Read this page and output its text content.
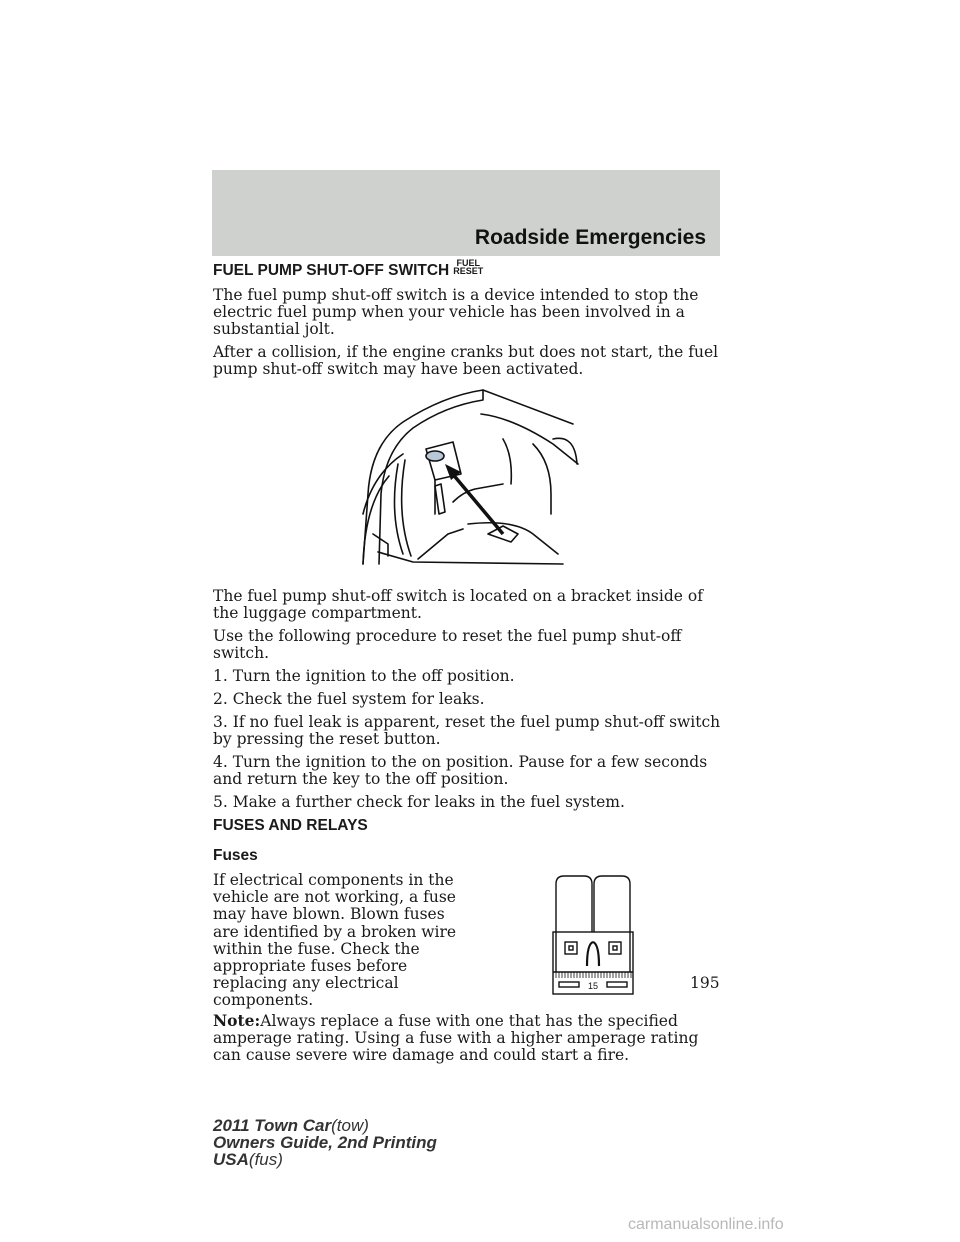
Roadside Emergencies
FUEL PUMP SHUT-OFF SWITCH FUEL
RESET

The fuel pump shut-off switch is a device intended to stop the electric fuel pump when your vehicle has been involved in a substantial jolt.

After a collision, if the engine cranks but does not start, the fuel pump shut-off switch may have been activated.

The fuel pump shut-off switch is located on a bracket inside of the luggage compartment.

Use the following procedure to reset the fuel pump shut-off switch.

1. Turn the ignition to the off position.

2. Check the fuel system for leaks.

3. If no fuel leak is apparent, reset the fuel pump shut-off switch by pressing the reset button.

4. Turn the ignition to the on position. Pause for a few seconds and return the key to the off position.

5. Make a further check for leaks in the fuel system.

FUSES AND RELAYS
Fuses
If electrical components in the vehicle are not working, a fuse may have blown. Blown fuses are identified by a broken wire within the fuse. Check the appropriate fuses before replacing any electrical components.
15

Note:Always replace a fuse with one that has the specified amperage rating. Using a fuse with a higher amperage rating can cause severe wire damage and could start a fire.

195
2011 Town Car(tow)
Owners Guide, 2nd Printing
USA(fus)
carmanualsonline.info
